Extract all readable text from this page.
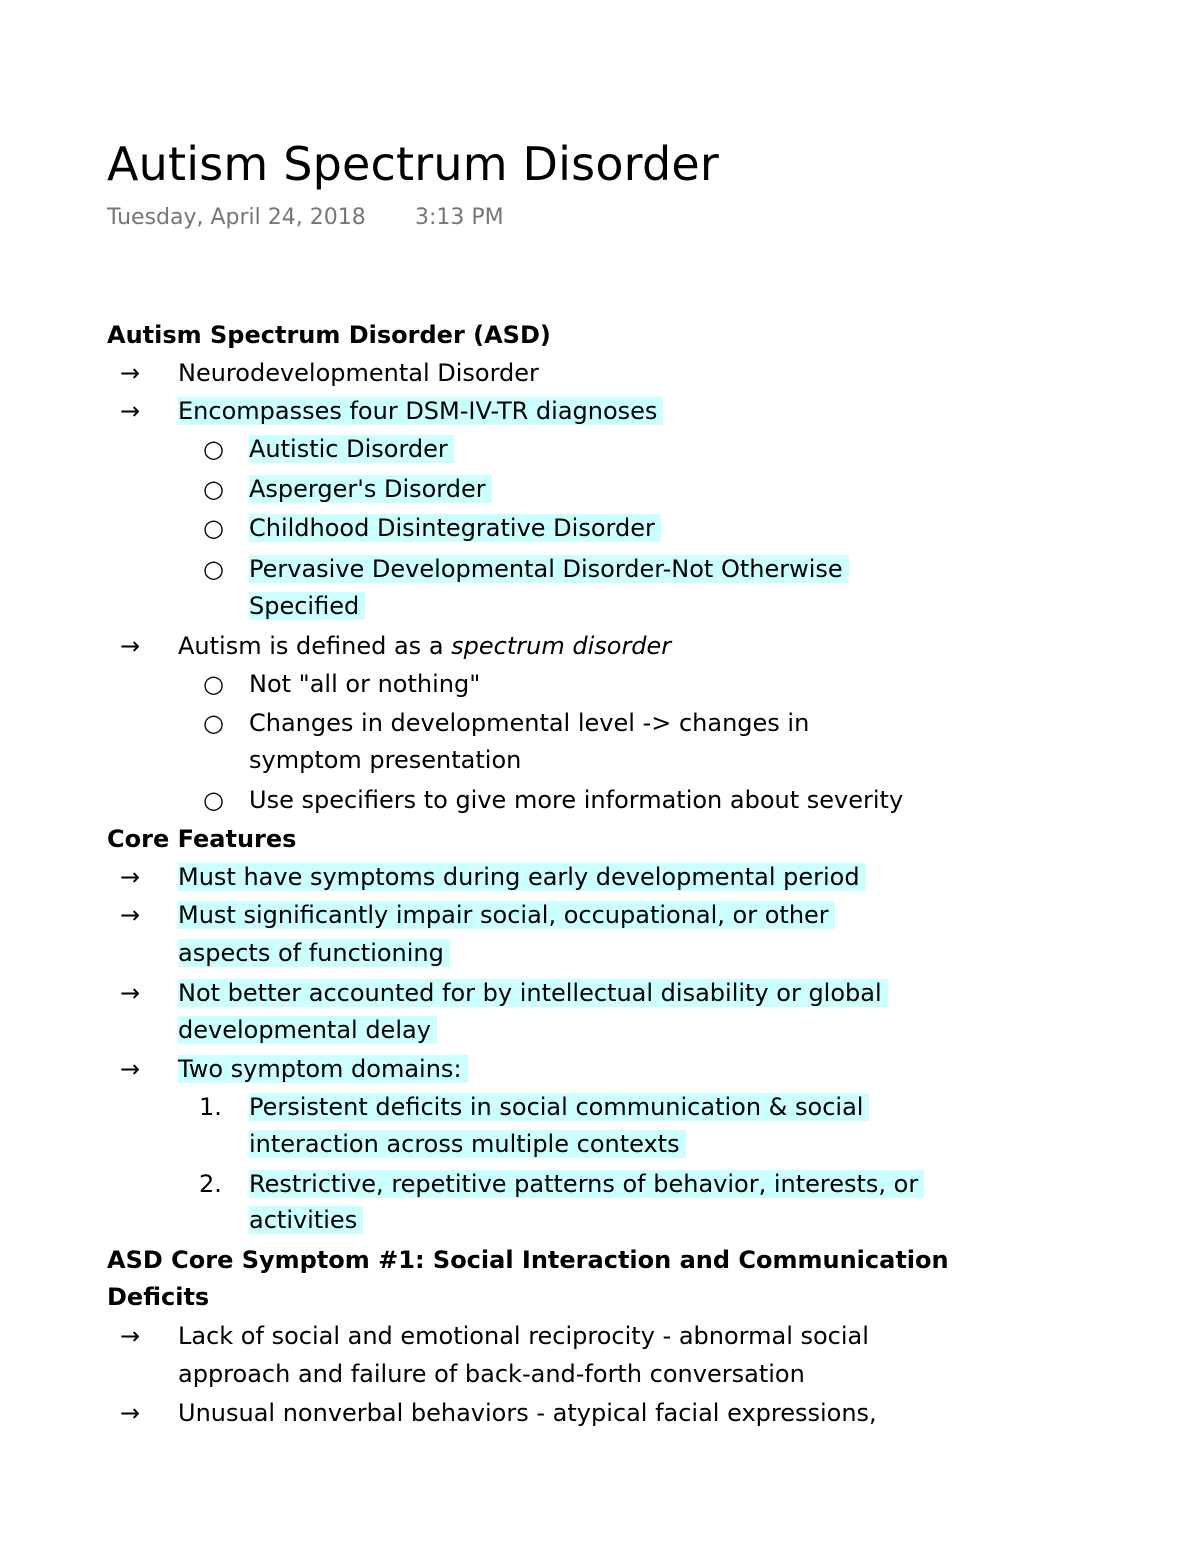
Autism Spectrum Disorder
Tuesday, April 24, 2018 3:13 PM
Autism Spectrum Disorder (ASD)
→ Neurodevelopmental Disorder
→ Encompasses four DSM-IV-TR diagnoses
○ Autistic Disorder
○ Asperger's Disorder
○ Childhood Disintegrative Disorder
○ Pervasive Developmental Disorder-Not Otherwise
Specified
→ Autism is defined as a spectrum disorder
○ Not "all or nothing"
○ Changes in developmental level -> changes in
symptom presentation
○ Use specifiers to give more information about severity
Core Features
→ Must have symptoms during early developmental period
→ Must significantly impair social, occupational, or other
aspects of functioning
→ Not better accounted for by intellectual disability or global
developmental delay
→ Two symptom domains:
1. Persistent deficits in social communication & social
interaction across multiple contexts
2. Restrictive, repetitive patterns of behavior, interests, or
activities
ASD Core Symptom #1: Social Interaction and Communication
Deficits
→ Lack of social and emotional reciprocity - abnormal social
approach and failure of back-and-forth conversation
→ Unusual nonverbal behaviors - atypical facial expressions,
